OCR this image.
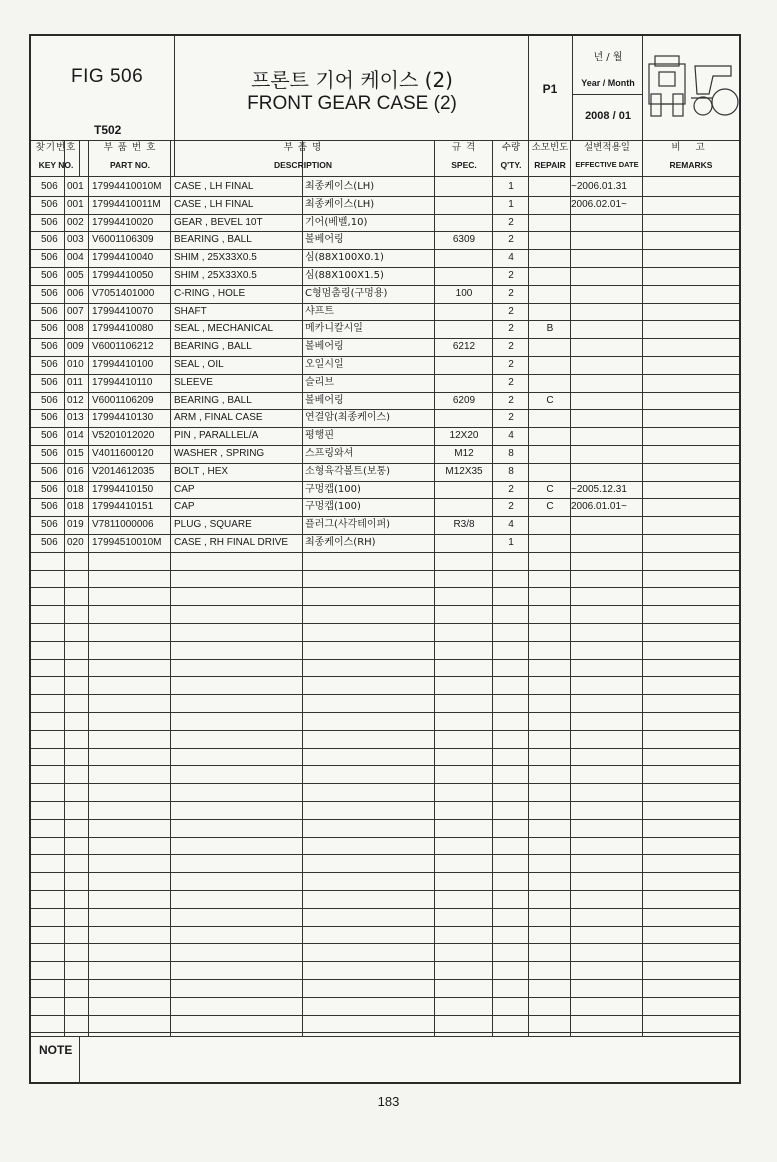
FIG 506
T502
프론트 기어 케이스 (2)
FRONT GEAR CASE (2)
P1
년 / 월
Year / Month
2008 / 01
찾기번호
KEY NO.
부 품 번 호
PART NO.
부 품 명
DESCRIPTION
규 격
SPEC.
수량
Q'TY.
소모빈도
REPAIR
설변적용일
EFFECTIVE DATE
비 고
REMARKS
506 001 17994410010M	CASE , LH FINAL	최종케이스(LH)	1	~2006.01.31
506 001 17994410011M	CASE , LH FINAL	최종케이스(LH)	1	2006.02.01~
506 002 17994410020	GEAR , BEVEL 10T	기어(베벨,10)	2
506 003 V6001106309	BEARING , BALL	볼베어링	6309	2
506 004 17994410040	SHIM , 25X33X0.5	심(88X100X0.1)	4
506 005 17994410050	SHIM , 25X33X0.5	심(88X100X1.5)	2
506 006 V7051401000	C-RING , HOLE	C형멈춤링(구멍용)	100	2
506 007 17994410070	SHAFT	샤프트	2
506 008 17994410080	SEAL , MECHANICAL	메카니칼시일	2	B
506 009 V6001106212	BEARING , BALL	볼베어링	6212	2
506 010 17994410100	SEAL , OIL	오일시일	2
506 011 17994410110	SLEEVE	슬리브	2
506 012 V6001106209	BEARING , BALL	볼베어링	6209	2	C
506 013 17994410130	ARM , FINAL CASE	연결암(최종케이스)	2
506 014 V5201012020	PIN , PARALLEL/A	평행핀	12X20	4
506 015 V4011600120	WASHER , SPRING	스프링와셔	M12	8
506 016 V2014612035	BOLT , HEX	소형육각볼트(보통)	M12X35	8
506 018 17994410150	CAP	구멍캡(100)	2	C	~2005.12.31
506 018 17994410151	CAP	구멍캡(100)	2	C	2006.01.01~
506 019 V7811000006	PLUG , SQUARE	플러그(사각테이퍼)	R3/8	4
506 020 17994510010M	CASE , RH FINAL DRIVE	최종케이스(RH)	1
NOTE
183
